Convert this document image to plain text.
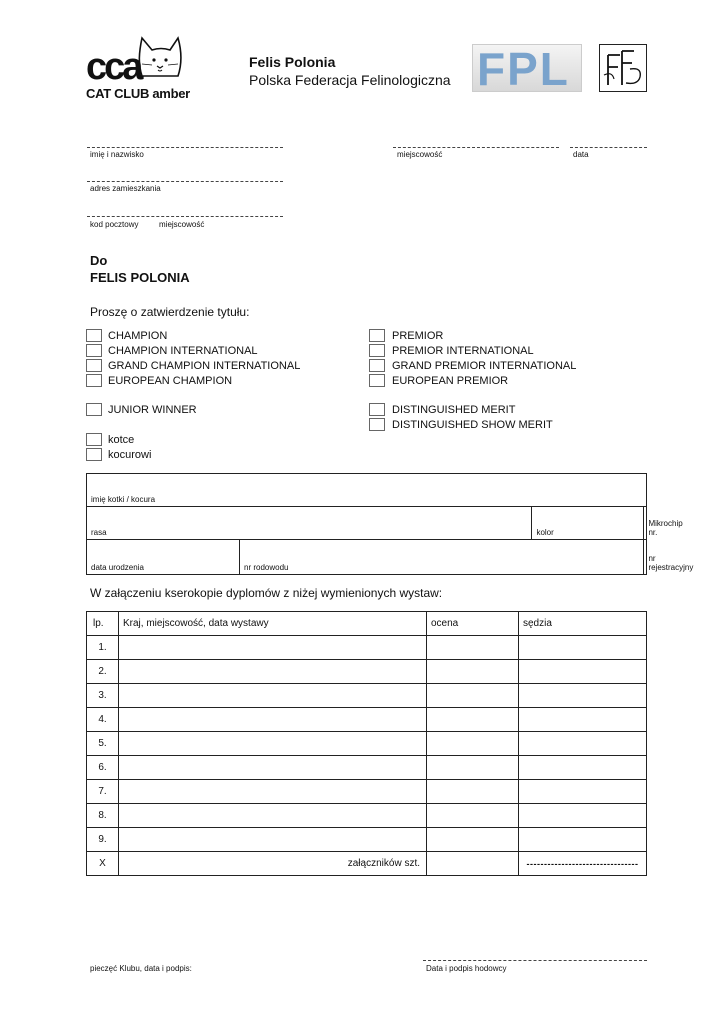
cca
CAT CLUB amber
Felis Polonia
Polska Federacja Felinologiczna FPL
imię i nazwisko	miejscowość	data
adres zamieszkania
kod pocztowy	miejscowość
Do
FELIS POLONIA
Proszę o zatwierdzenie tytułu:
CHAMPION
CHAMPION INTERNATIONAL
GRAND CHAMPION INTERNATIONAL
EUROPEAN CHAMPION
PREMIOR
PREMIOR INTERNATIONAL
GRAND PREMIOR INTERNATIONAL
EUROPEAN PREMIOR
JUNIOR WINNER	DISTINGUISHED MERIT
DISTINGUISHED SHOW MERIT
kotce
kocurowi
imię kotki / kocura			

rasa		kolor	Mikrochip nr.

data urodzenia	nr rodowodu		nr rejestracyjny
W załączeniu kserokopie dyplomów z niżej wymienionych wystaw:
lp.	Kraj, miejscowość, data wystawy	ocena	sędzia
1.			
2.			
3.			
4.			
5.			
6.			
7.			
8.			
9.			
X	załączników szt.		--------------------------------
pieczęć Klubu, data i podpis:	Data i podpis hodowcy
